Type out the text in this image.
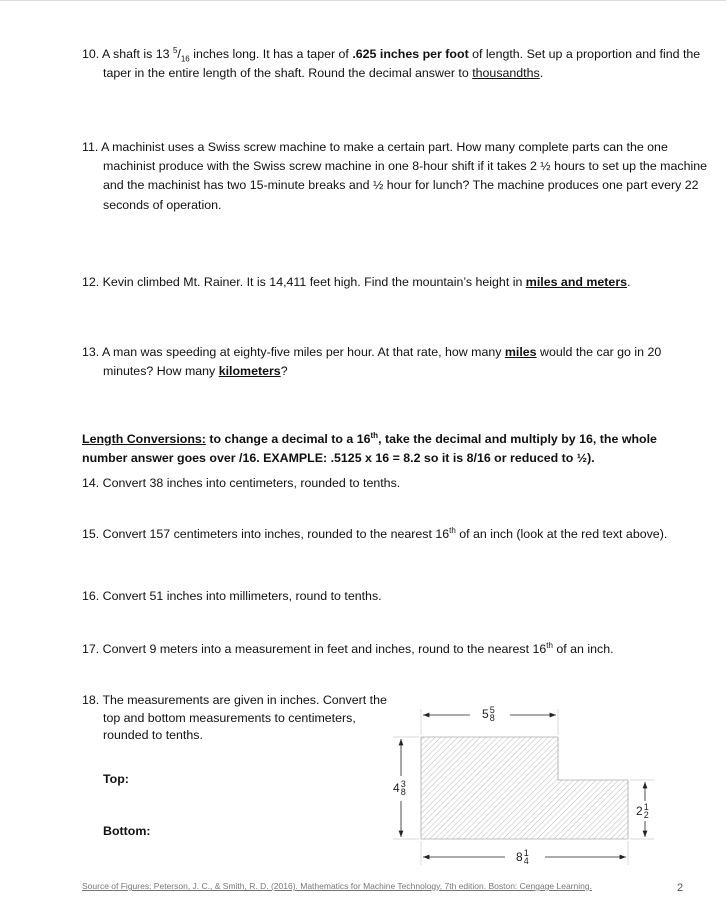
10. A shaft is 13 $^5/_{16}$ inches long. It has a taper of .625 inches per foot of length. Set up a proportion and find the taper in the entire length of the shaft. Round the decimal answer to thousandths.
11. A machinist uses a Swiss screw machine to make a certain part. How many complete parts can the one machinist produce with the Swiss screw machine in one 8-hour shift if it takes 2 ½ hours to set up the machine and the machinist has two 15-minute breaks and ½ hour for lunch? The machine produces one part every 22 seconds of operation.
12. Kevin climbed Mt. Rainer. It is 14,411 feet high. Find the mountain’s height in miles and meters.
13. A man was speeding at eighty-five miles per hour. At that rate, how many miles would the car go in 20 minutes? How many kilometers?
Length Conversions: to change a decimal to a 16th, take the decimal and multiply by 16, the whole number answer goes over /16. EXAMPLE: .5125 x 16 = 8.2 so it is 8/16 or reduced to ½).
14. Convert 38 inches into centimeters, rounded to tenths.
15. Convert 157 centimeters into inches, rounded to the nearest 16th of an inch (look at the red text above).
16. Convert 51 inches into millimeters, round to tenths.
17. Convert 9 meters into a measurement in feet and inches, round to the nearest 16th of an inch.
18. The measurements are given in inches. Convert the top and bottom measurements to centimeters, rounded to tenths.
Top:
Bottom:
5 5
8
4 3
8
2 1
2
8 1
4
Source of Figures: Peterson, J. C., & Smith, R. D. (2016). Mathematics for Machine Technology, 7th edition. Boston: Cengage Learning.	2
